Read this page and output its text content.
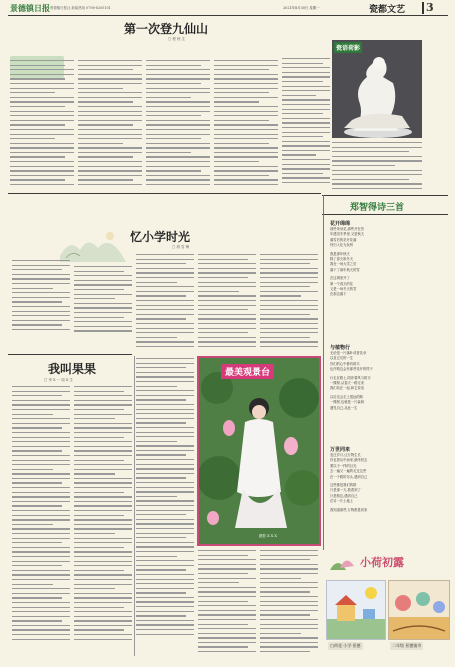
景德镇日报 景德镇日报社 新闻热线 0798-8205101	2021年8月30日 星期一	瓷都文艺 3
第一次登九仙山
□ 程 秋 生
瓷语荷影
郑智得诗三首
花开绵绵
那些朵朵花,那些开在昔
年遇见冬季里,又是秋天
落雪后的花开花落
终归入化为灰烬
我是那年秋天
除了春天和冬天
我在一场大雪之后
落下了那年秋天的雪
在这城里开了
第一个春天的花
又是一场冬天的雪
在那边落下
与植物行
无论是一片落叶或者花朵
以及它们的一生
你们的心中都有树木
也许路边会有那些花开的样子
行走在路上,陪伴着风与树木
一棵树,从春天一路走来
我们站在一起,和它说话
以后还会走上很远的路
一棵树,也就是一片森林
遇见自己,从此一生
万世同来
变迁岁月,让万物生长
你也曾从中而来,最终回去
要以不一样的目光
去一遍又一遍的走过这些
在一个路的尽头,遇到自己
这些都是我们的路
只是那一天,我看到了
只是路边,遇到自己
在另一片土地上
我知道那些,万物都是同来
忆小学时光
□ 胡 雪 梅
我叫果果
□ 李 X 一 周 X 生
最美观景台
摄影 X X X
小荷初露
白荷花·小学·景德	二年级 景德镇市
